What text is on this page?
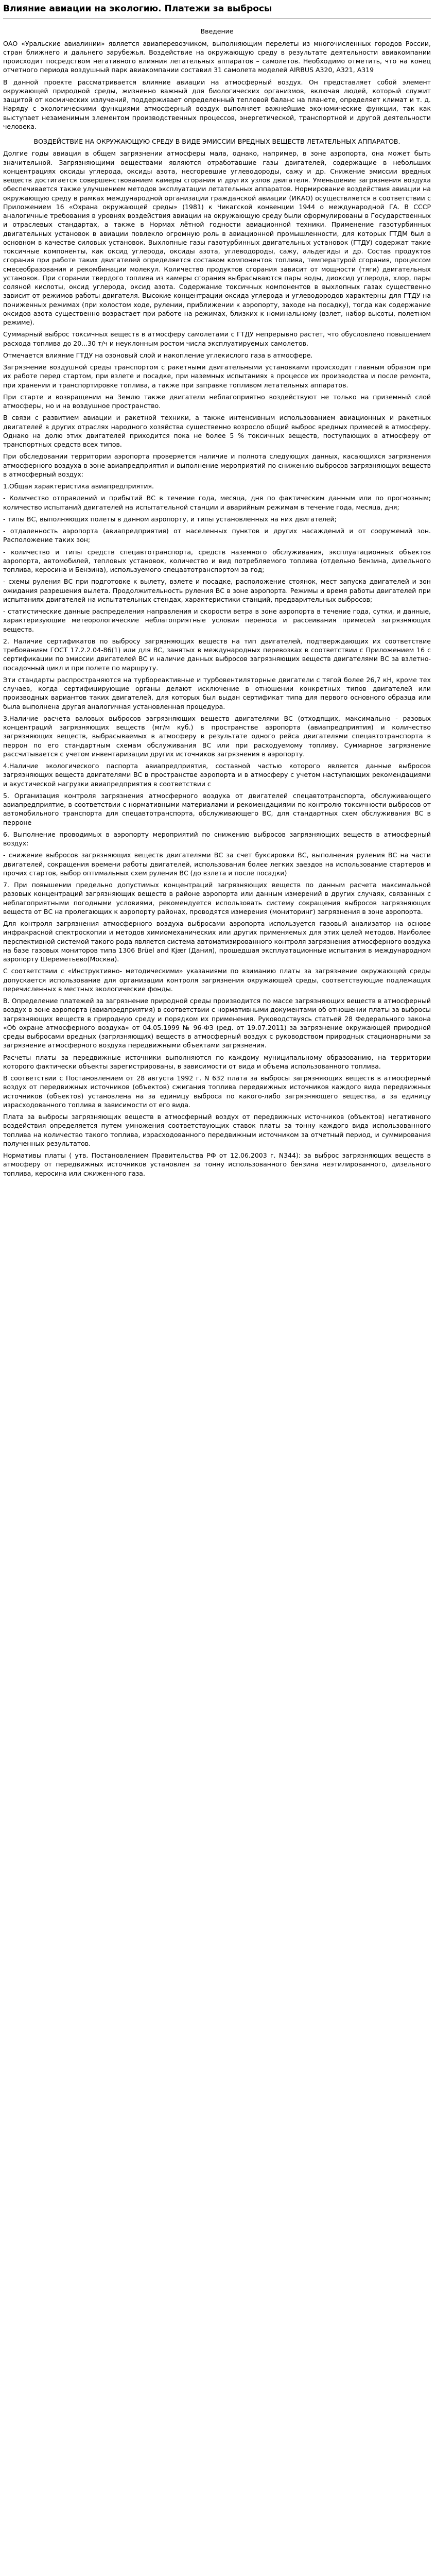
Влияние авиации на экологию. Платежи за выбросы

Введение

ОАО «Уральские авиалинии» является авиаперевозчиком, выполняющим перелеты из многочисленных городов России, стран ближнего и дальнего зарубежья. Воздействие на окружающую среду в результате деятельности авиакомпании происходит посредством негативного влияния летательных аппаратов – самолетов. Необходимо отметить, что на конец отчетного периода воздушный парк авиакомпании составил 31 самолета моделей AIRBUS A320, A321, A319

В данной проекте рассматривается влияние авиации на атмосферный воздух. Он представляет собой элемент окружающей природной среды, жизненно важный для биологических организмов, включая людей, который служит защитой от космических излучений, поддерживает определенный тепловой баланс на планете, определяет климат и т. д. Наряду с экологическими функциями атмосферный воздух выполняет важнейшие экономические функции, так как выступает незаменимым элементом производственных процессов, энергетической, транспортной и другой деятельности человека.

ВОЗДЕЙСТВИЕ НА ОКРУЖАЮЩУЮ СРЕДУ В ВИДЕ ЭМИССИИ ВРЕДНЫХ ВЕЩЕСТВ ЛЕТАТЕЛЬНЫХ АППАРАТОВ.

Долгие годы авиация в общем загрязнении атмосферы мала, однако, например, в зоне аэропорта, она может быть значительной. Загрязняющими веществами являются отработавшие газы двигателей, содержащие в небольших концентрациях оксиды углерода, оксиды азота, несгоревшие углеводороды, сажу и др. Снижение эмиссии вредных веществ достигается совершенствованием камеры сгорания и других узлов двигателя. Уменьшение загрязнения воздуха обеспечивается также улучшением методов эксплуатации летательных аппаратов. Нормирование воздействия авиации на окружающую среду в рамках международной организации гражданской авиации (ИКАО) осуществляется в соответствии с Приложением 16 «Охрана окружающей среды» (1981) к Чикагской конвенции 1944 о международной ГА. В СССР аналогичные требования в уровнях воздействия авиации на окружающую среду были сформулированы в Государственных и отраслевых стандартах, а также в Нормах лётной годности авиационной техники. Применение газотурбинных двигательных установок в авиации повлекло огромную роль в авиационной промышленности, для которых ГТДМ был в основном в качестве силовых установок. Выхлопные газы газотурбинных двигательных установок (ГТДУ) содержат такие токсичные компоненты, как оксид углерода, оксиды азота, углеводороды, сажу, альдегиды и др. Состав продуктов сгорания при работе таких двигателей определяется составом компонентов топлива, температурой сгорания, процессом смесеобразования и рекомбинации молекул. Количество продуктов сгорания зависит от мощности (тяги) двигательных установок. При сгорании твердого топлива из камеры сгорания выбрасываются пары воды, диоксид углерода, хлор, пары соляной кислоты, оксид углерода, оксид азота. Содержание токсичных компонентов в выхлопных газах существенно зависит от режимов работы двигателя. Высокие концентрации оксида углерода и углеводородов характерны для ГТДУ на пониженных режимах (при холостом ходе, рулении, приближении к аэропорту, заходе на посадку), тогда как содержание оксидов азота существенно возрастает при работе на режимах, близких к номинальному (взлет, набор высоты, полетном режиме).

Суммарный выброс токсичных веществ в атмосферу самолетами с ГТДУ непрерывно растет, что обусловлено повышением расхода топлива до 20...30 т/ч и неуклонным ростом числа эксплуатируемых самолетов.

Отмечается влияние ГТДУ на озоновый слой и накопление углекислого газа в атмосфере.

Загрязнение воздушной среды транспортом с ракетными двигательными установками происходит главным образом при их работе перед стартом, при взлете и посадке, при наземных испытаниях в процессе их производства и после ремонта, при хранении и транспортировке топлива, а также при заправке топливом летательных аппаратов.

При старте и возвращении на Землю также двигатели неблагоприятно воздействуют не только на приземный слой атмосферы, но и на воздушное пространство.

В связи с развитием авиации и ракетной техники, а также интенсивным использованием авиационных и ракетных двигателей в других отраслях народного хозяйства существенно возросло общий выброс вредных примесей в атмосферу. Однако на долю этих двигателей приходится пока не более 5 % токсичных веществ, поступающих в атмосферу от транспортных средств всех типов.

При обследовании территории аэропорта проверяется наличие и полнота следующих данных, касающихся загрязнения атмосферного воздуха в зоне авиапредприятия и выполнение мероприятий по снижению выбросов загрязняющих веществ в атмосферный воздух:

1.Общая характеристика авиапредприятия.

- Количество отправлений и прибытий ВС в течение года, месяца, дня по фактическим данным или по прогнозным; количество испытаний двигателей на испытательной станции и аварийным режимам в течение года, месяца, дня;

- типы ВС, выполняющих полеты в данном аэропорту, и типы установленных на них двигателей;

- отдаленность аэропорта (авиапредприятия) от населенных пунктов и других насаждений и от сооружений зон. Расположение таких зон;

- количество и типы средств спецавтотранспорта, средств наземного обслуживания, эксплуатационных объектов аэропорта, автомобилей, тепловых установок, количество и вид потребляемого топлива (отдельно бензина, дизельного топлива, керосина и Бензина), используемого спецавтотранспортом за год;

- схемы руления ВС при подготовке к вылету, взлете и посадке, расположение стоянок, мест запуска двигателей и зон ожидания разрешения вылета. Продолжительность руления ВС в зоне аэропорта. Режимы и время работы двигателей при испытаниях двигателей на испытательных стендах, характеристики станций, предварительных выбросов;

- статистические данные распределения направления и скорости ветра в зоне аэропорта в течение года, сутки, и данные, характеризующие метеорологические неблагоприятные условия переноса и рассеивания примесей загрязняющих веществ.

2. Наличие сертификатов по выбросу загрязняющих веществ на тип двигателей, подтверждающих их соответствие требованиям ГОСТ 17.2.2.04-86(1) или для ВС, занятых в международных перевозках в соответствии с Приложением 16 с сертификации по эмиссии двигателей ВС и наличие данных выбросов загрязняющих веществ двигателями ВС за взлетно-посадочный цикл и при полете по маршруту.

Эти стандарты распространяются на турбореактивные и турбовентиляторные двигатели с тягой более 26,7 кН, кроме тех случаев, когда сертифицирующие органы делают исключение в отношении конкретных типов двигателей или производных вариантов таких двигателей, для которых был выдан сертификат типа для первого основного образца или была выполнена другая аналогичная установленная процедура.

3.Наличие расчета валовых выбросов загрязняющих веществ двигателями ВС (отходящих, максимально - разовых концентраций загрязняющих веществ (мг/м куб.) в пространстве аэропорта (авиапредприятия) и количество загрязняющих веществ, выбрасываемых в атмосферу в результате одного рейса двигателями спецавтотранспорта в перрон по его стандартным схемам обслуживания ВС или при расходуемому топливу. Суммарное загрязнение рассчитывается с учетом инвентаризации других источников загрязнения в аэропорту.

4.Наличие экологического паспорта авиапредприятия, составной частью которого является данные выбросов загрязняющих веществ двигателями ВС в пространстве аэропорта и в атмосферу с учетом наступающих рекомендациями и акустической нагрузки авиапредприятия в соответствии с

5. Организация контроля загрязнения атмосферного воздуха от двигателей спецавтотранспорта, обслуживающего авиапредприятие, в соответствии с нормативными материалами и рекомендациями по контролю токсичности выбросов от автомобильного транспорта для спецавтотранспорта, обслуживающего ВС, для стандартных схем обслуживания ВС в перроне

6. Выполнение проводимых в аэропорту мероприятий по снижению выбросов загрязняющих веществ в атмосферный воздух:

- снижение выбросов загрязняющих веществ двигателями ВС за счет буксировки ВС, выполнения руления ВС на части двигателей, сокращения времени работы двигателей, использования более легких заездов на использование стартеров и прочих стартов, выбор оптимальных схем руления ВС (до взлета и после посадки)

7. При повышении предельно допустимых концентраций загрязняющих веществ по данным расчета максимальной разовых концентраций загрязняющих веществ в районе аэропорта или данным измерений в других случаях, связанных с неблагоприятными погодными условиями, рекомендуется использовать систему сокращения выбросов загрязняющих веществ от ВС на пролегающих к аэропорту районах, проводятся измерения (мониторинг) загрязнения в зоне аэропорта.

Для контроля загрязнения атмосферного воздуха выбросами аэропорта используется газовый анализатор на основе инфракрасной спектроскопии и методов химиомеханических или других применяемых для этих целей методов. Наиболее перспективной системой такого рода является система автоматизированного контроля загрязнения атмосферного воздуха на базе газовых мониторов типа 1306 Brüel and Kjær (Дания), прошедшая эксплуатационные испытания в международном аэропорту Шереметьево(Москва).

С соответствии с «Инструктивно- методическими» указаниями по взиманию платы за загрязнение окружающей среды допускается использование для организации контроля загрязнения окружающей среды, соответствующие подлежащих перечисленных в местных экологические фонды.

В. Определение платежей за загрязнение природной среды производится по массе загрязняющих веществ в атмосферный воздух в зоне аэропорта (авиапредприятия) в соответствии с нормативными документами об отношении платы за выбросы загрязняющих веществ в природную среду и порядком их применения. Руководствуясь статьей 28 Федерального закона «Об охране атмосферного воздуха» от 04.05.1999 № 96-ФЗ (ред. от 19.07.2011) за загрязнение окружающей природной среды выбросами вредных (загрязняющих) веществ в атмосферный воздух с руководством природных стационарными за загрязнение атмосферного воздуха передвижными объектами загрязнения.

Расчеты платы за передвижные источники выполняются по каждому муниципальному образованию, на территории которого фактически объекты зарегистрированы, в зависимости от вида и объема использованного топлива.

В соответствии с Постановлением от 28 августа 1992 г. N 632 плата за выбросы загрязняющих веществ в атмосферный воздух от передвижных источников (объектов) сжигания топлива передвижных источников каждого вида передвижных источников (объектов) установлена на за единицу выброса по какого-либо загрязняющего вещества, а за единицу израсходованного топлива в зависимости от его вида.

Плата за выбросы загрязняющих веществ в атмосферный воздух от передвижных источников (объектов) негативного воздействия определяется путем умножения соответствующих ставок платы за тонну каждого вида использованного топлива на количество такого топлива, израсходованного передвижным источником за отчетный период, и суммирования полученных результатов.

Нормативы платы ( утв. Постановлением Правительства РФ от 12.06.2003 г. N344): за выброс загрязняющих веществ в атмосферу от передвижных источников установлен за тонну использованного бензина неэтилированного, дизельного топлива, керосина или сжиженного газа.
